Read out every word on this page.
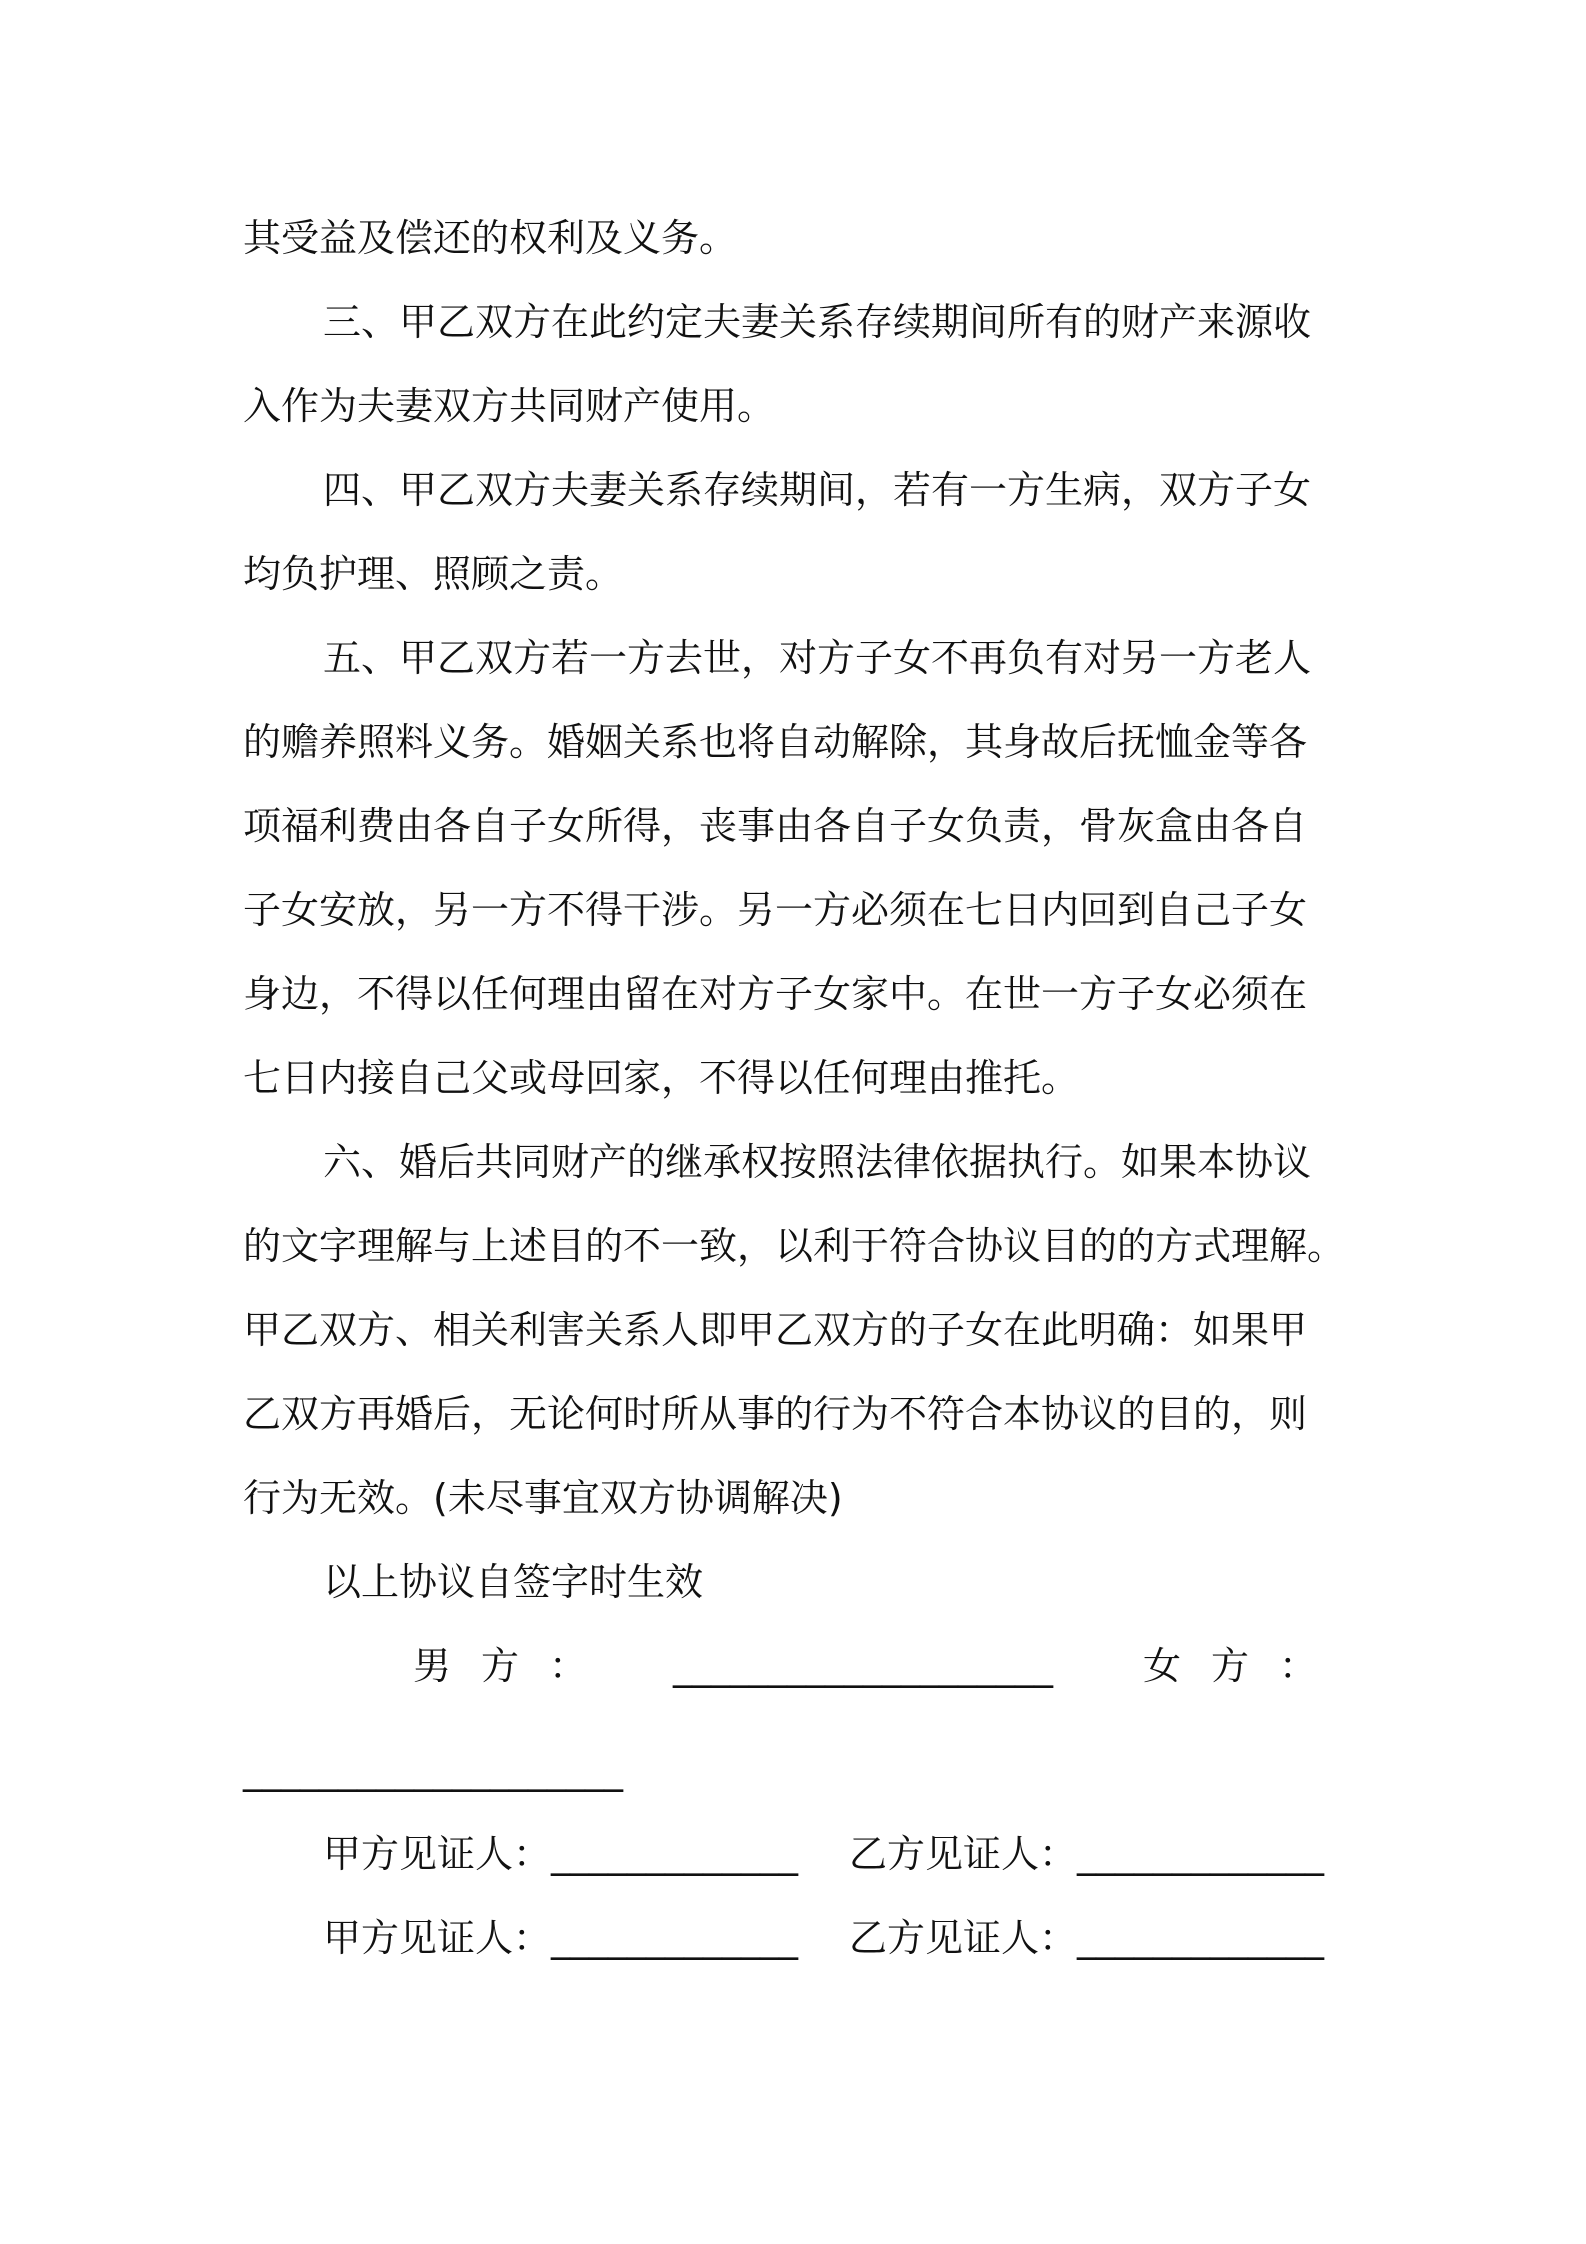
其受益及偿还的权利及义务。
三、甲乙双方在此约定夫妻关系存续期间所有的财产来源收
入作为夫妻双方共同财产使用。
四、甲乙双方夫妻关系存续期间，若有一方生病，双方子女
均负护理、照顾之责。
五、甲乙双方若一方去世，对方子女不再负有对另一方老人
的赡养照料义务。婚姻关系也将自动解除，其身故后抚恤金等各
项福利费由各自子女所得，丧事由各自子女负责，骨灰盒由各自
子女安放，另一方不得干涉。另一方必须在七日内回到自己子女
身边，不得以任何理由留在对方子女家中。在世一方子女必须在
七日内接自己父或母回家，不得以任何理由推托。
六、婚后共同财产的继承权按照法律依据执行。如果本协议
的文字理解与上述目的不一致，以利于符合协议目的的方式理解。
甲乙双方、相关利害关系人即甲乙双方的子女在此明确：如果甲
乙双方再婚后，无论何时所从事的行为不符合本协议的目的，则
行为无效。(未尽事宜双方协调解决)
以上协议自签字时生效
男方： ____________________ 女方：
____________________
甲方见证人：_____________ 乙方见证人：_____________
甲方见证人：_____________ 乙方见证人：_____________
